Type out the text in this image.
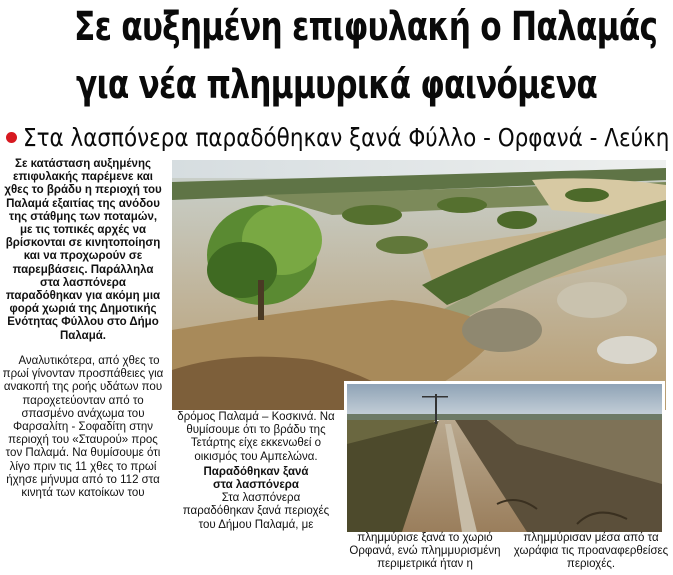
Σε αυξημένη επιφυλακή ο Παλαμάς
για νέα πλημμυρικά φαινόμενα
Στα λασπόνερα παραδόθηκαν ξανά Φύλλο - Ορφανά - Λεύκη
Σε κατάσταση αυξημένης επιφυλακής παρέμενε και χθες το βράδυ η περιοχή του Παλαμά εξαιτίας της ανόδου της στάθμης των ποταμών, με τις τοπικές αρχές να βρίσκονται σε κινητοποίηση και να προχωρούν σε παρεμβάσεις. Παράλληλα στα λασπόνερα παραδόθηκαν για ακόμη μια φορά χωριά της Δημοτικής Ενότητας Φύλλου στο Δήμο Παλαμά.

Αναλυτικότερα, από χθες το πρωί γίνονταν προσπάθειες για ανακοπή της ροής υδάτων που παροχετεύονταν από το σπασμένο ανάχωμα του Φαρσαλίτη - Σοφαδίτη στην περιοχή του «Σταυρού» προς τον Παλαμά. Να θυμίσουμε ότι λίγο πριν τις 11 χθες το πρωί ήχησε μήνυμα από το 112 στα κινητά των κατοίκων του

δρόμος Παλαμά – Κοσκινά. Να θυμίσουμε ότι το βράδυ της Τετάρτης είχε εκκενωθεί ο οικισμός του Αμπελώνα.

Παραδόθηκαν ξανά
στα λασπόνερα

Στα λασπόνερα παραδόθηκαν ξανά περιοχές του Δήμου Παλαμά, με

πλημμύρισε ξανά το χωριό Ορφανά, ενώ πλημμυρισμένη περιμετρικά ήταν η

πλημμύρισαν μέσα από τα χωράφια τις προαναφερθείσες περιοχές.
